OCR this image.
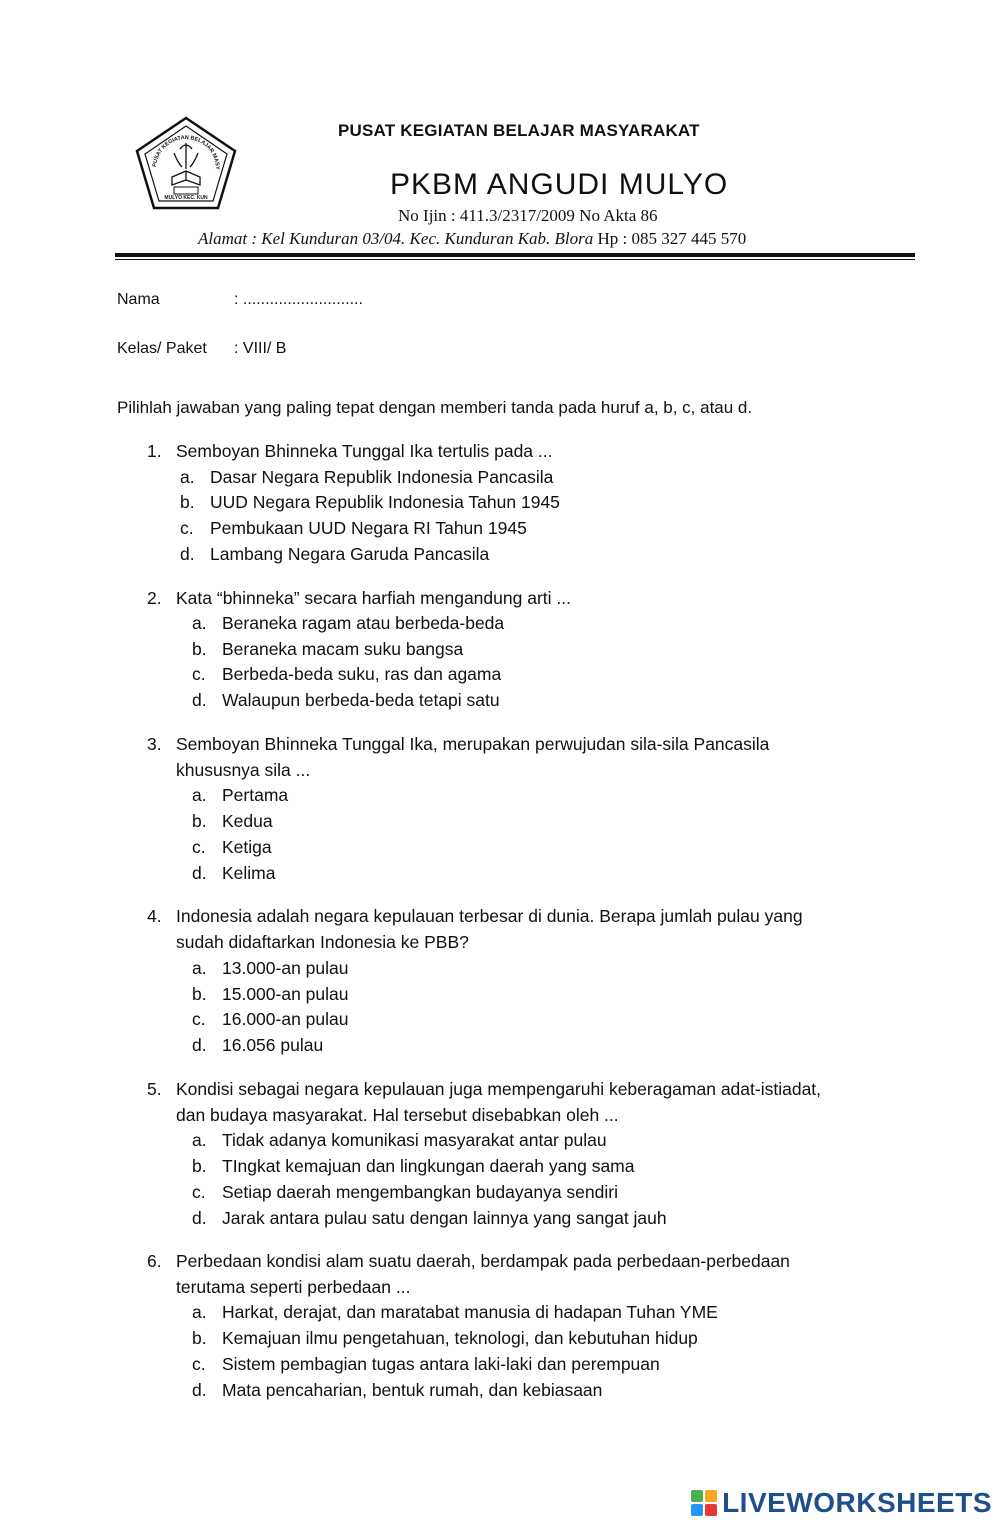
PUSAT KEGIATAN BELAJAR MASY
MULYO KEC. KUN
PUSAT KEGIATAN BELAJAR MASYARAKAT
PKBM ANGUDI MULYO
No Ijin : 411.3/2317/2009 No Akta 86
Alamat : Kel Kunduran 03/04. Kec. Kunduran Kab. Blora Hp : 085 327 445 570
Nama	: ...........................
Kelas/ Paket : VIII/ B
Pilihlah jawaban yang paling tepat dengan memberi tanda pada huruf a, b, c, atau d.
1. Semboyan Bhinneka Tunggal Ika tertulis pada ...
a. Dasar Negara Republik Indonesia Pancasila
b. UUD Negara Republik Indonesia Tahun 1945
c. Pembukaan UUD Negara RI Tahun 1945
d. Lambang Negara Garuda Pancasila
2. Kata “bhinneka” secara harfiah mengandung arti ...
a. Beraneka ragam atau berbeda-beda
b. Beraneka macam suku bangsa
c. Berbeda-beda suku, ras dan agama
d. Walaupun berbeda-beda tetapi satu
3. Semboyan Bhinneka Tunggal Ika, merupakan perwujudan sila-sila Pancasila
khususnya sila ...
a. Pertama
b. Kedua
c. Ketiga
d. Kelima
4. Indonesia adalah negara kepulauan terbesar di dunia. Berapa jumlah pulau yang
sudah didaftarkan Indonesia ke PBB?
a. 13.000-an pulau
b. 15.000-an pulau
c. 16.000-an pulau
d. 16.056 pulau
5. Kondisi sebagai negara kepulauan juga mempengaruhi keberagaman adat-istiadat,
dan budaya masyarakat. Hal tersebut disebabkan oleh ...
a. Tidak adanya komunikasi masyarakat antar pulau
b. TIngkat kemajuan dan lingkungan daerah yang sama
c. Setiap daerah mengembangkan budayanya sendiri
d. Jarak antara pulau satu dengan lainnya yang sangat jauh
6. Perbedaan kondisi alam suatu daerah, berdampak pada perbedaan-perbedaan
terutama seperti perbedaan ...
a. Harkat, derajat, dan maratabat manusia di hadapan Tuhan YME
b. Kemajuan ilmu pengetahuan, teknologi, dan kebutuhan hidup
c. Sistem pembagian tugas antara laki-laki dan perempuan
d. Mata pencaharian, bentuk rumah, dan kebiasaan
LIVEWORKSHEETS
